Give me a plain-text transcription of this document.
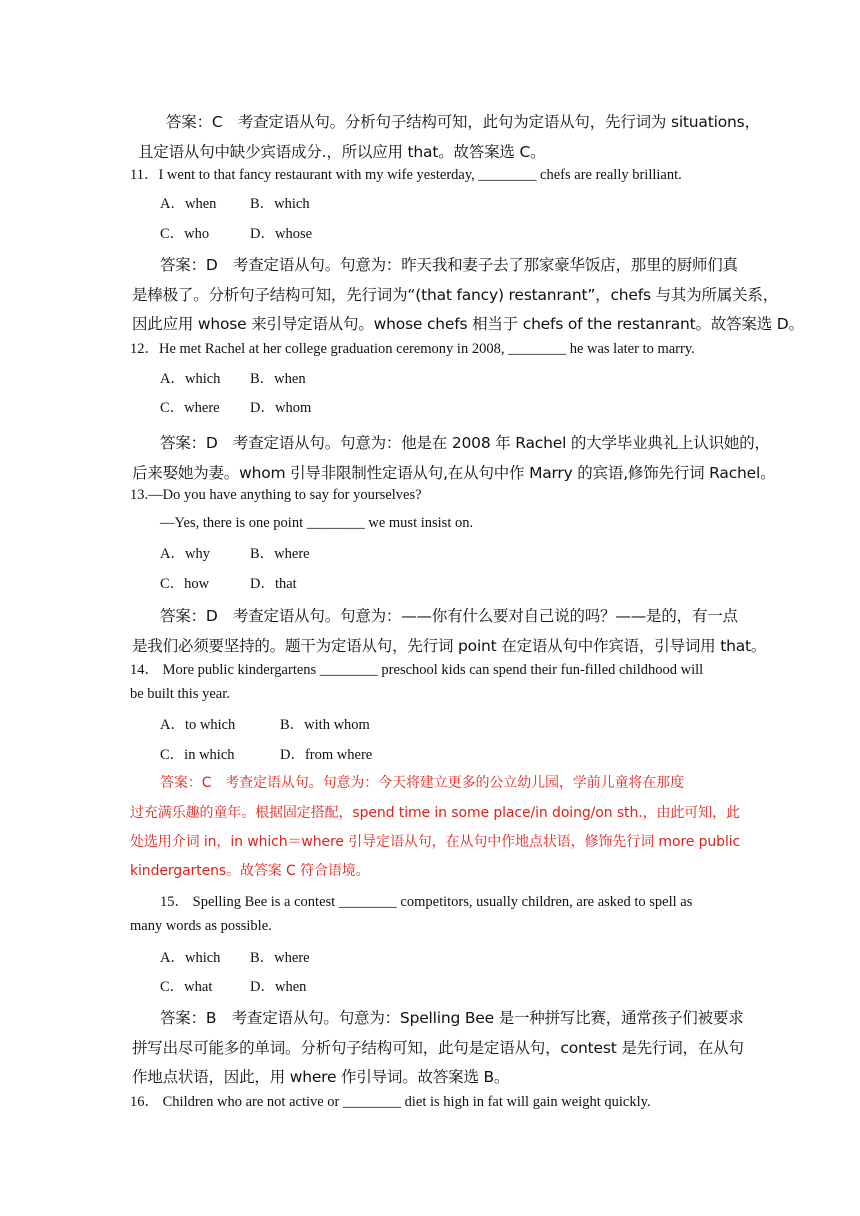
答案：C　考查定语从句。分析句子结构可知，此句为定语从句，先行词为 situations，
且定语从句中缺少宾语成分.，所以应用 that。故答案选 C。
11．I went to that fancy restaurant with my wife yesterday, ________ chefs are really brilliant.
A．when B．which
C．who	D．whose
答案：D　考查定语从句。句意为：昨天我和妻子去了那家豪华饭店，那里的厨师们真
是棒极了。分析句子结构可知，先行词为“(that fancy) restanrant”，chefs 与其为所属关系，
因此应用 whose 来引导定语从句。whose chefs 相当于 chefs of the restanrant。故答案选 D。
12．He met Rachel at her college graduation ceremony in 2008, ________ he was later to marry.
A．which B．when
C．where D．whom
答案：D　考查定语从句。句意为：他是在 2008 年 Rachel 的大学毕业典礼上认识她的，
后来娶她为妻。whom 引导非限制性定语从句,在从句中作 Marry 的宾语,修饰先行词 Rachel。
13.—Do you have anything to say for yourselves?
—Yes, there is one point ________ we must insist on.
A．why	B．where
C．how	D．that
答案：D　考查定语从句。句意为：——你有什么要对自己说的吗？——是的，有一点
是我们必须要坚持的。题干为定语从句，先行词 point 在定语从句中作宾语，引导词用 that。
14． More public kindergartens ________ preschool kids can spend their fun-filled childhood will
be built this year.
A．to which	B．with whom
C．in which	D．from where
答案：C　考查定语从句。句意为：今天将建立更多的公立幼儿园，学前儿童将在那度
过充满乐趣的童年。根据固定搭配，spend time in some place/in doing/on sth.，由此可知，此
处选用介词 in，in which＝where 引导定语从句，在从句中作地点状语，修饰先行词 more public
kindergartens。故答案 C 符合语境。
15． Spelling Bee is a contest ________ competitors, usually children, are asked to spell as
many words as possible.
A．which B．where
C．what	D．when
答案：B　考查定语从句。句意为：Spelling Bee 是一种拼写比赛，通常孩子们被要求
拼写出尽可能多的单词。分析句子结构可知，此句是定语从句，contest 是先行词，在从句
作地点状语，因此，用 where 作引导词。故答案选 B。
16． Children who are not active or ________ diet is high in fat will gain weight quickly.
